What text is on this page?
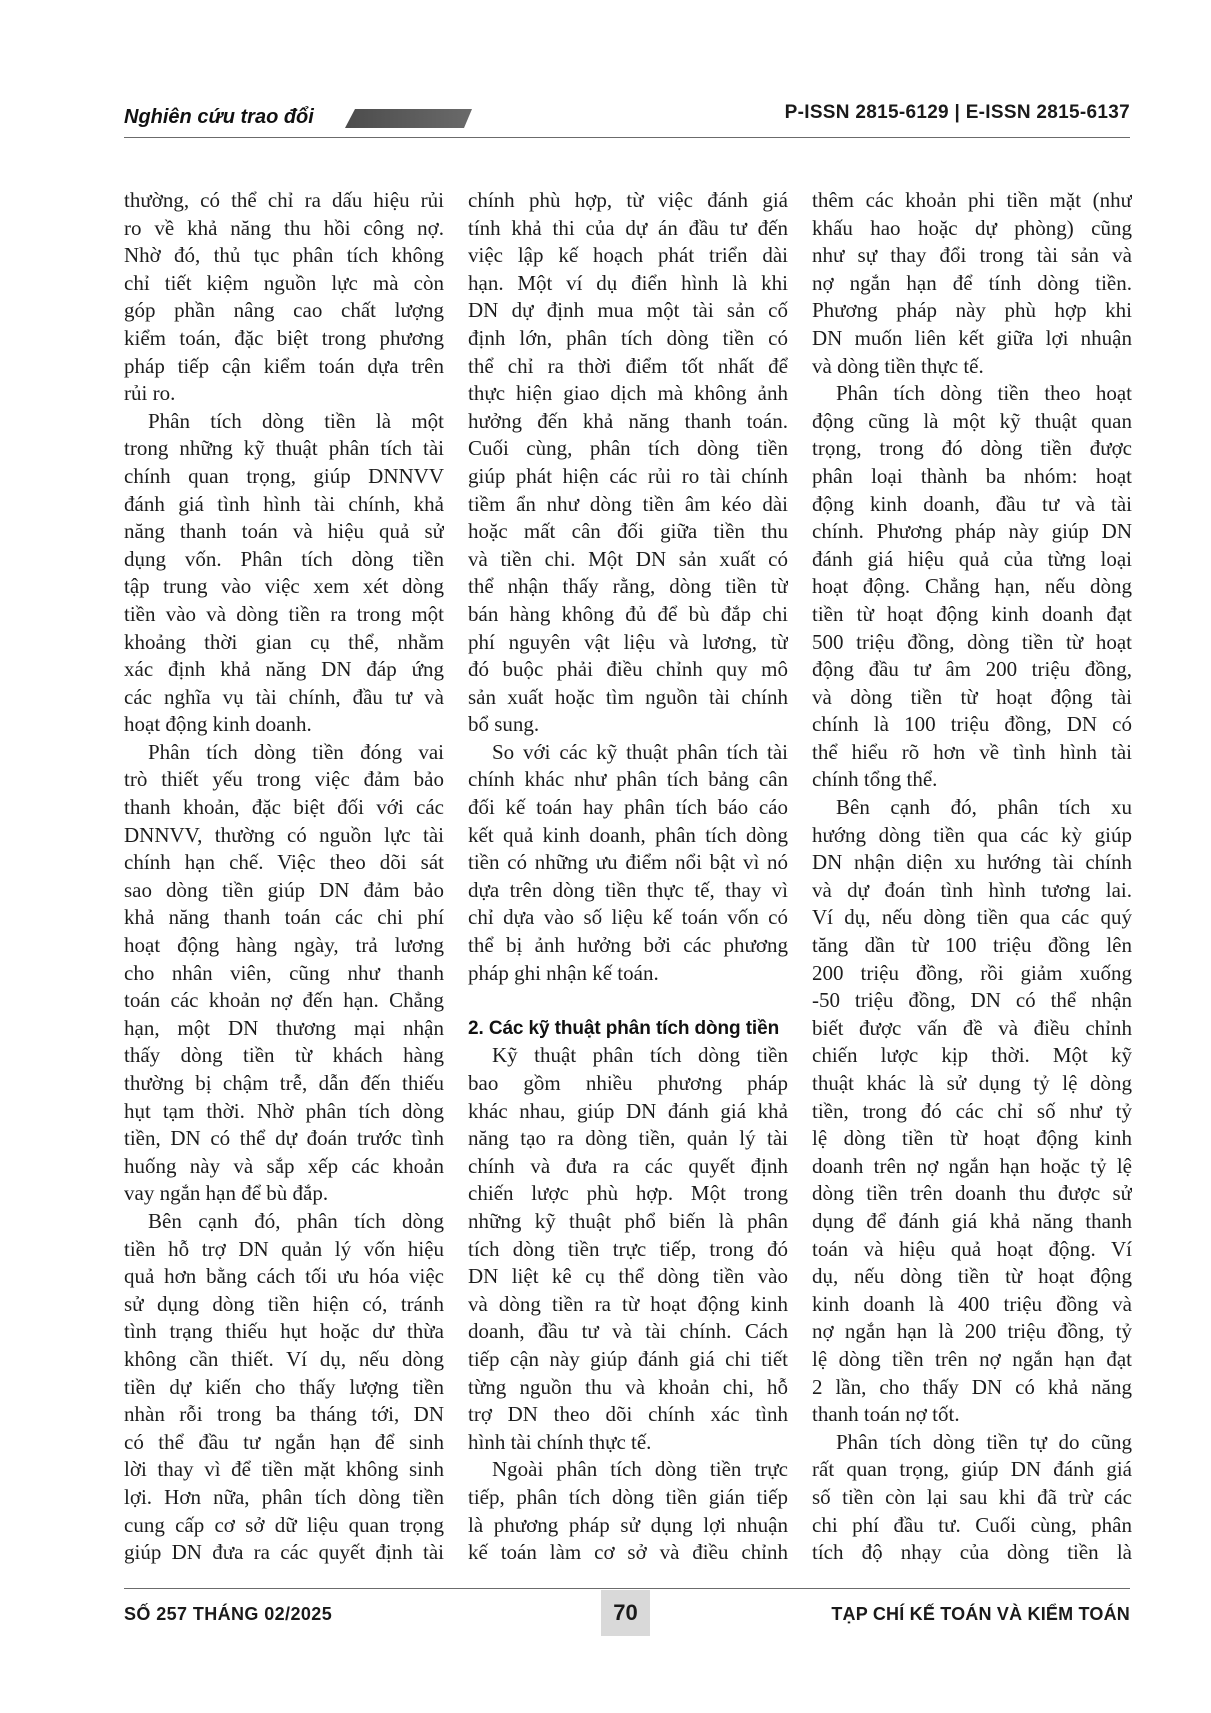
Nghiên cứu trao đổi	P-ISSN 2815-6129 | E-ISSN 2815-6137
thường, có thể chỉ ra dấu hiệu rủi
ro về khả năng thu hồi công nợ.
Nhờ đó, thủ tục phân tích không
chỉ tiết kiệm nguồn lực mà còn
góp phần nâng cao chất lượng
kiểm toán, đặc biệt trong phương
pháp tiếp cận kiểm toán dựa trên
rủi ro.
Phân tích dòng tiền là một
trong những kỹ thuật phân tích tài
chính quan trọng, giúp DNNVV
đánh giá tình hình tài chính, khả
năng thanh toán và hiệu quả sử
dụng vốn. Phân tích dòng tiền
tập trung vào việc xem xét dòng
tiền vào và dòng tiền ra trong một
khoảng thời gian cụ thể, nhằm
xác định khả năng DN đáp ứng
các nghĩa vụ tài chính, đầu tư và
hoạt động kinh doanh.
Phân tích dòng tiền đóng vai
trò thiết yếu trong việc đảm bảo
thanh khoản, đặc biệt đối với các
DNNVV, thường có nguồn lực tài
chính hạn chế. Việc theo dõi sát
sao dòng tiền giúp DN đảm bảo
khả năng thanh toán các chi phí
hoạt động hàng ngày, trả lương
cho nhân viên, cũng như thanh
toán các khoản nợ đến hạn. Chẳng
hạn, một DN thương mại nhận
thấy dòng tiền từ khách hàng
thường bị chậm trễ, dẫn đến thiếu
hụt tạm thời. Nhờ phân tích dòng
tiền, DN có thể dự đoán trước tình
huống này và sắp xếp các khoản
vay ngắn hạn để bù đắp.
Bên cạnh đó, phân tích dòng
tiền hỗ trợ DN quản lý vốn hiệu
quả hơn bằng cách tối ưu hóa việc
sử dụng dòng tiền hiện có, tránh
tình trạng thiếu hụt hoặc dư thừa
không cần thiết. Ví dụ, nếu dòng
tiền dự kiến cho thấy lượng tiền
nhàn rỗi trong ba tháng tới, DN
có thể đầu tư ngắn hạn để sinh
lời thay vì để tiền mặt không sinh
lợi. Hơn nữa, phân tích dòng tiền
cung cấp cơ sở dữ liệu quan trọng
giúp DN đưa ra các quyết định tài
chính phù hợp, từ việc đánh giá
tính khả thi của dự án đầu tư đến
việc lập kế hoạch phát triển dài
hạn. Một ví dụ điển hình là khi
DN dự định mua một tài sản cố
định lớn, phân tích dòng tiền có
thể chỉ ra thời điểm tốt nhất để
thực hiện giao dịch mà không ảnh
hưởng đến khả năng thanh toán.
Cuối cùng, phân tích dòng tiền
giúp phát hiện các rủi ro tài chính
tiềm ẩn như dòng tiền âm kéo dài
hoặc mất cân đối giữa tiền thu
và tiền chi. Một DN sản xuất có
thể nhận thấy rằng, dòng tiền từ
bán hàng không đủ để bù đắp chi
phí nguyên vật liệu và lương, từ
đó buộc phải điều chỉnh quy mô
sản xuất hoặc tìm nguồn tài chính
bổ sung.
So với các kỹ thuật phân tích tài
chính khác như phân tích bảng cân
đối kế toán hay phân tích báo cáo
kết quả kinh doanh, phân tích dòng
tiền có những ưu điểm nổi bật vì nó
dựa trên dòng tiền thực tế, thay vì
chỉ dựa vào số liệu kế toán vốn có
thể bị ảnh hưởng bởi các phương
pháp ghi nhận kế toán.
2. Các kỹ thuật phân tích dòng tiền
Kỹ thuật phân tích dòng tiền
bao gồm nhiều phương pháp
khác nhau, giúp DN đánh giá khả
năng tạo ra dòng tiền, quản lý tài
chính và đưa ra các quyết định
chiến lược phù hợp. Một trong
những kỹ thuật phổ biến là phân
tích dòng tiền trực tiếp, trong đó
DN liệt kê cụ thể dòng tiền vào
và dòng tiền ra từ hoạt động kinh
doanh, đầu tư và tài chính. Cách
tiếp cận này giúp đánh giá chi tiết
từng nguồn thu và khoản chi, hỗ
trợ DN theo dõi chính xác tình
hình tài chính thực tế.
Ngoài phân tích dòng tiền trực
tiếp, phân tích dòng tiền gián tiếp
là phương pháp sử dụng lợi nhuận
kế toán làm cơ sở và điều chỉnh
thêm các khoản phi tiền mặt (như
khấu hao hoặc dự phòng) cũng
như sự thay đổi trong tài sản và
nợ ngắn hạn để tính dòng tiền.
Phương pháp này phù hợp khi
DN muốn liên kết giữa lợi nhuận
và dòng tiền thực tế.
Phân tích dòng tiền theo hoạt
động cũng là một kỹ thuật quan
trọng, trong đó dòng tiền được
phân loại thành ba nhóm: hoạt
động kinh doanh, đầu tư và tài
chính. Phương pháp này giúp DN
đánh giá hiệu quả của từng loại
hoạt động. Chẳng hạn, nếu dòng
tiền từ hoạt động kinh doanh đạt
500 triệu đồng, dòng tiền từ hoạt
động đầu tư âm 200 triệu đồng,
và dòng tiền từ hoạt động tài
chính là 100 triệu đồng, DN có
thể hiểu rõ hơn về tình hình tài
chính tổng thể.
Bên cạnh đó, phân tích xu
hướng dòng tiền qua các kỳ giúp
DN nhận diện xu hướng tài chính
và dự đoán tình hình tương lai.
Ví dụ, nếu dòng tiền qua các quý
tăng dần từ 100 triệu đồng lên
200 triệu đồng, rồi giảm xuống
-50 triệu đồng, DN có thể nhận
biết được vấn đề và điều chỉnh
chiến lược kịp thời. Một kỹ
thuật khác là sử dụng tỷ lệ dòng
tiền, trong đó các chỉ số như tỷ
lệ dòng tiền từ hoạt động kinh
doanh trên nợ ngắn hạn hoặc tỷ lệ
dòng tiền trên doanh thu được sử
dụng để đánh giá khả năng thanh
toán và hiệu quả hoạt động. Ví
dụ, nếu dòng tiền từ hoạt động
kinh doanh là 400 triệu đồng và
nợ ngắn hạn là 200 triệu đồng, tỷ
lệ dòng tiền trên nợ ngắn hạn đạt
2 lần, cho thấy DN có khả năng
thanh toán nợ tốt.
Phân tích dòng tiền tự do cũng
rất quan trọng, giúp DN đánh giá
số tiền còn lại sau khi đã trừ các
chi phí đầu tư. Cuối cùng, phân
tích độ nhạy của dòng tiền là
SỐ 257 THÁNG 02/2025	70	TẠP CHÍ KẾ TOÁN VÀ KIỂM TOÁN
